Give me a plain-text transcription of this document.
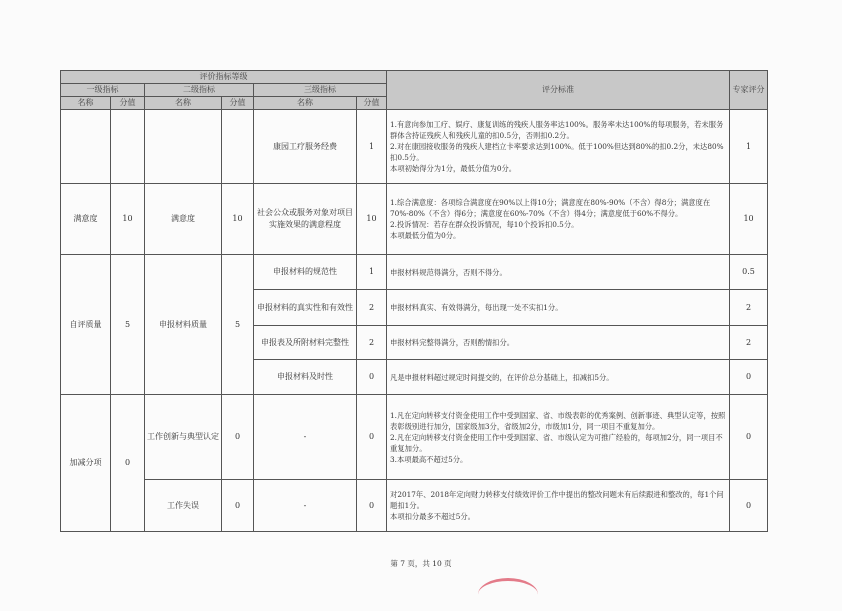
评价指标等级						评分标准	专家评分
一级指标		二级指标		三级指标			
名称	分值	名称	分值	名称	分值		
				康园工疗服务经费	1	1.有意向参加工疗、娱疗、康复训练的残疾人服务率达100%。服务率未达100%的每项服务，若未服务群体含持证残疾人和残疾儿童的扣0.5分，否则扣0.2分。
2.对在康园接收服务的残疾人建档立卡率要求达到100%。低于100%但达到80%的扣0.2分，未达80%扣0.5分。
本项初始得分为1分，最低分值为0分。	1
满意度	10	满意度	10	社会公众或服务对象对项目实施效果的满意程度	10	1.综合满意度：各项综合满意度在90%以上得10分；满意度在80%-90%（不含）得8分；满意度在70%-80%（不含）得6分；满意度在60%-70%（不含）得4分；满意度低于60%不得分。
2.投诉情况：若存在群众投诉情况，每10个投诉扣0.5分。
本项最低分值为0分。	10
自评质量	5	申报材料质量	5	申报材料的规范性	1	申报材料规范得满分，否则不得分。	0.5
				申报材料的真实性和有效性	2	申报材料真实、有效得满分，每出现一处不实扣1分。	2
				申报表及所附材料完整性	2	申报材料完整得满分，否则酌情扣分。	2
				申报材料及时性	0	凡是申报材料超过规定时间提交的，在评价总分基础上，扣减扣5分。	0
加减分项	0	工作创新与典型认定	0	-	0	1.凡在定向转移支付资金使用工作中受到国家、省、市级表彰的优秀案例、创新事迹、典型认定等，按照表彰级别进行加分，国家级加3分，省级加2分，市级加1分，同一项目不重复加分。
2.凡在定向转移支付资金使用工作中受到国家、省、市级认定为可推广经验的，每项加2分，同一项目不重复加分。
3.本项最高不超过5分。	0
		工作失误	0	-	0	对2017年、2018年定向财力转移支付绩效评价工作中提出的整改问题未有后续跟进和整改的，每1个问题扣1分。
本项扣分最多不超过5分。	0
第 7 页，共 10 页
